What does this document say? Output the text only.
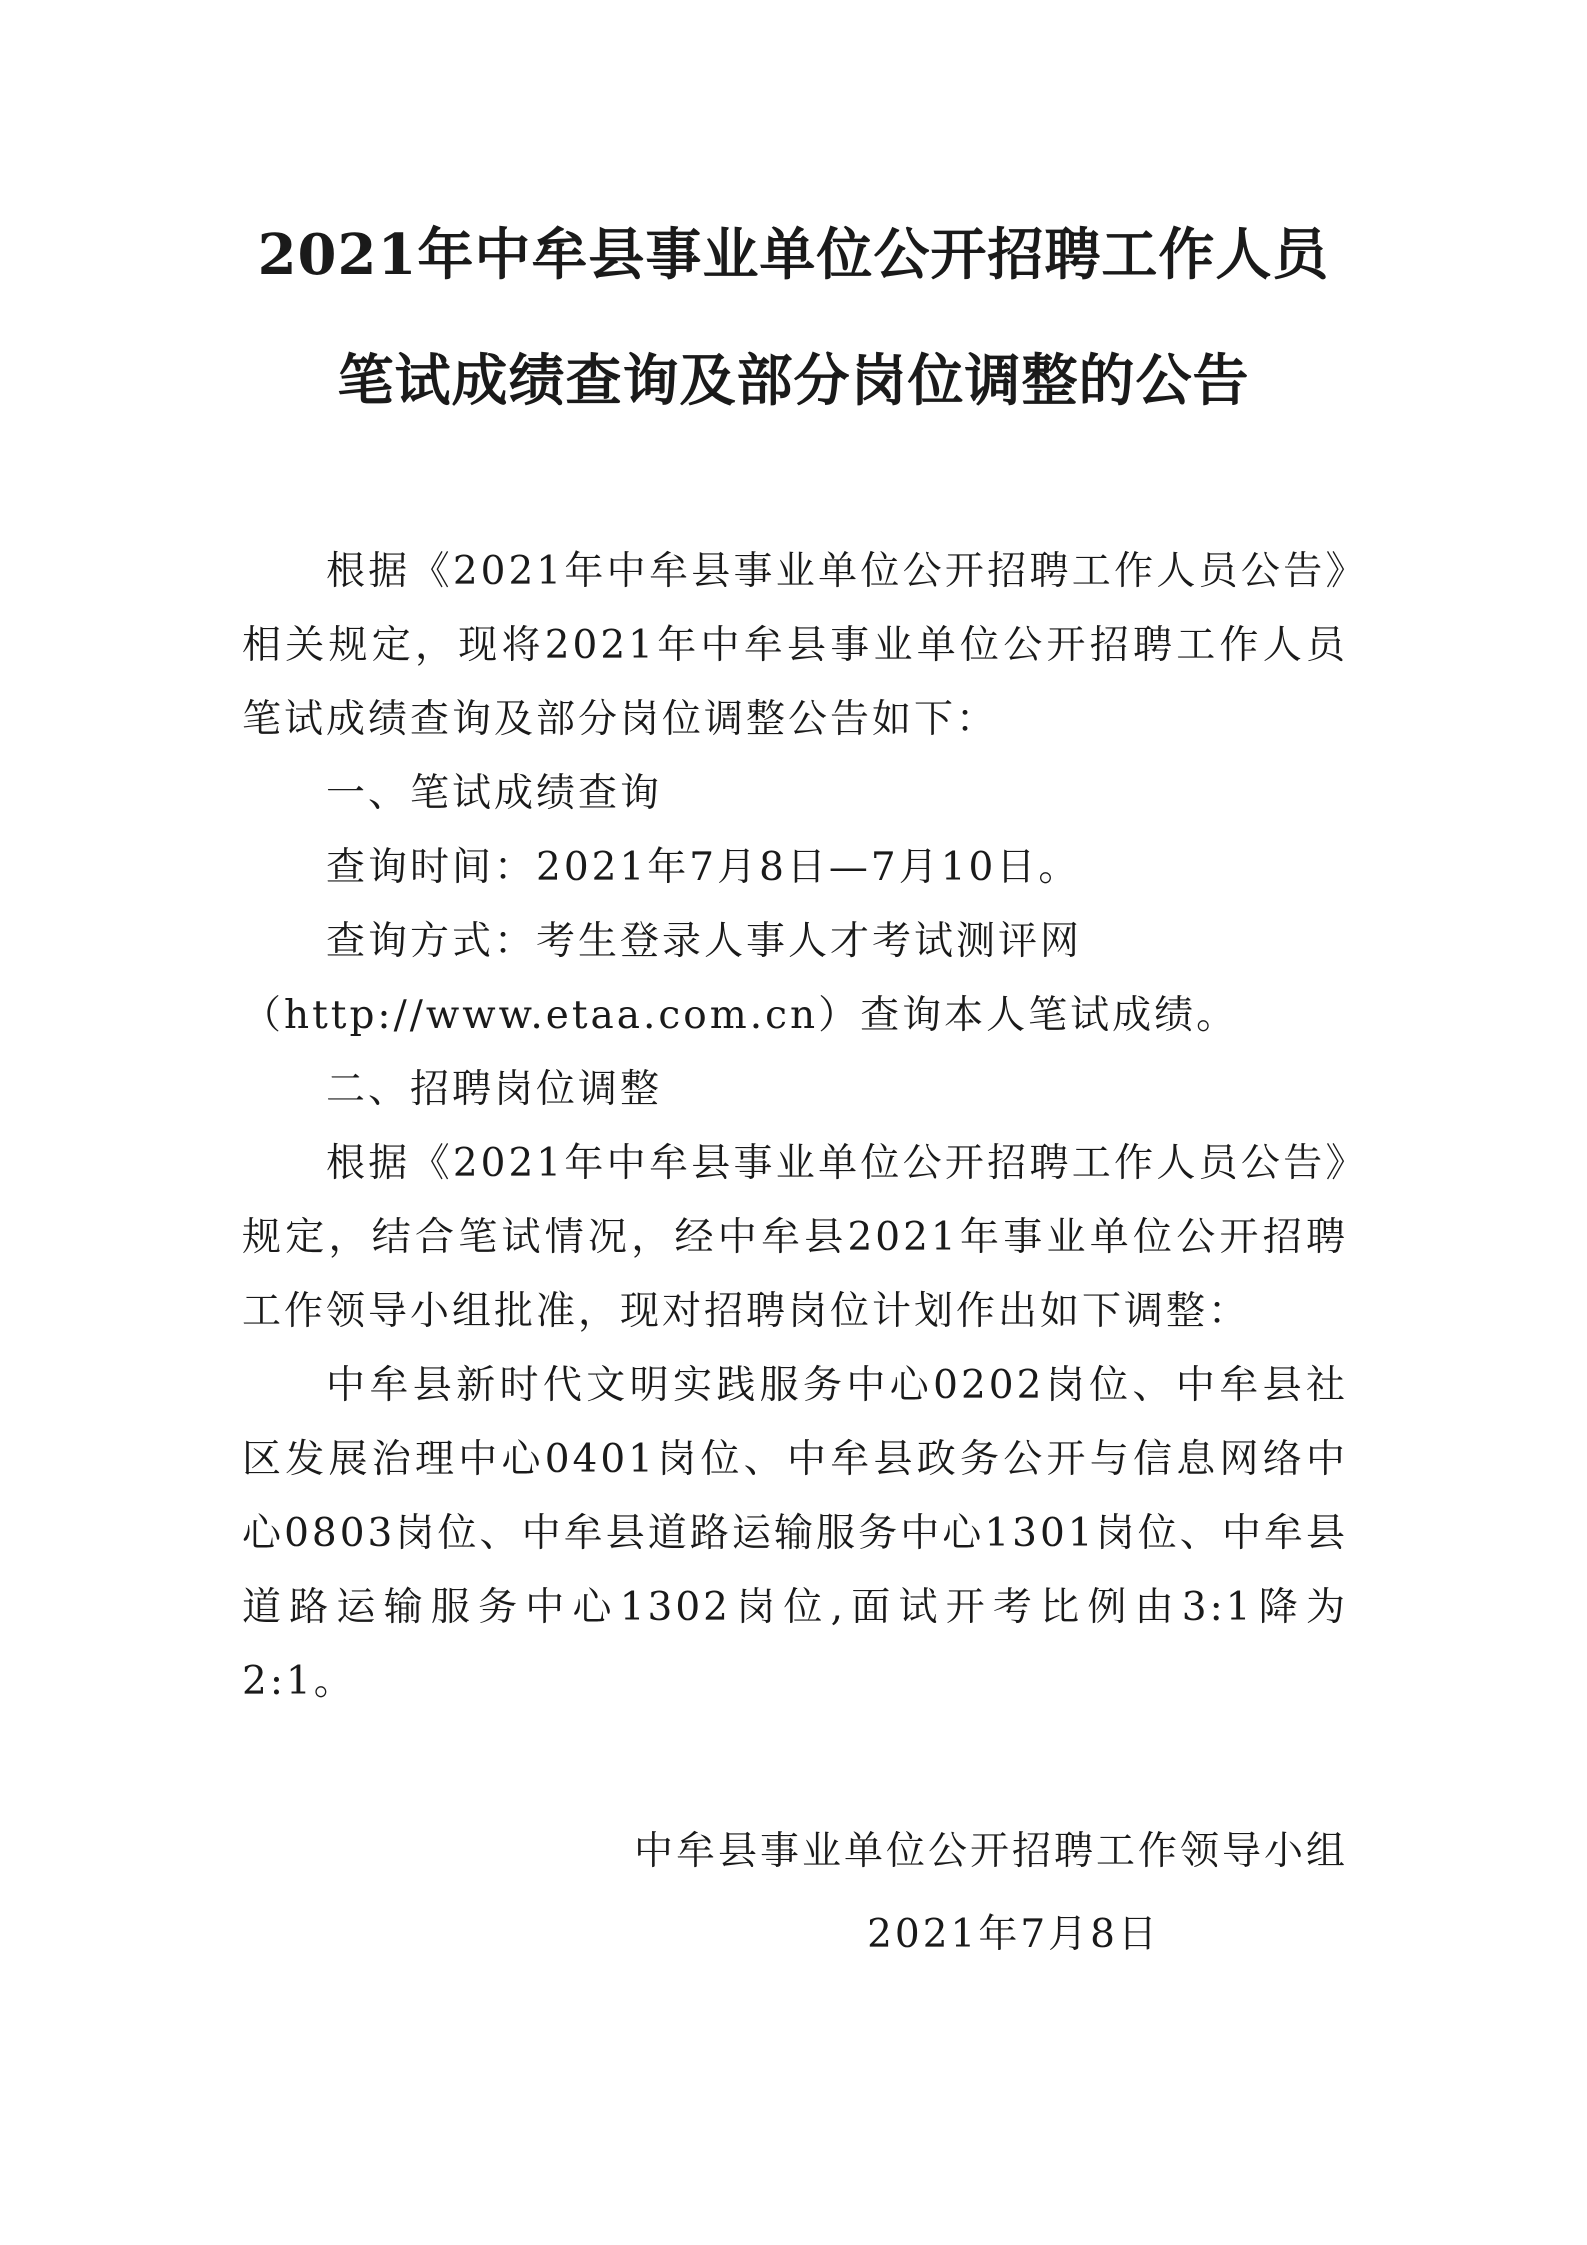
2021年中牟县事业单位公开招聘工作人员
笔试成绩查询及部分岗位调整的公告

根据《2021年中牟县事业单位公开招聘工作人员公告》相关规定，现将2021年中牟县事业单位公开招聘工作人员笔试成绩查询及部分岗位调整公告如下：

一、笔试成绩查询

查询时间：2021年7月8日—7月10日。

查询方式：考生登录人事人才考试测评网

（http://www.etaa.com.cn）查询本人笔试成绩。

二、招聘岗位调整

根据《2021年中牟县事业单位公开招聘工作人员公告》规定，结合笔试情况，经中牟县2021年事业单位公开招聘工作领导小组批准，现对招聘岗位计划作出如下调整：

中牟县新时代文明实践服务中心0202岗位、中牟县社区发展治理中心0401岗位、中牟县政务公开与信息网络中心0803岗位、中牟县道路运输服务中心1301岗位、中牟县道路运输服务中心1302岗位,面试开考比例由3:1降为2:1。

中牟县事业单位公开招聘工作领导小组
2021年7月8日
